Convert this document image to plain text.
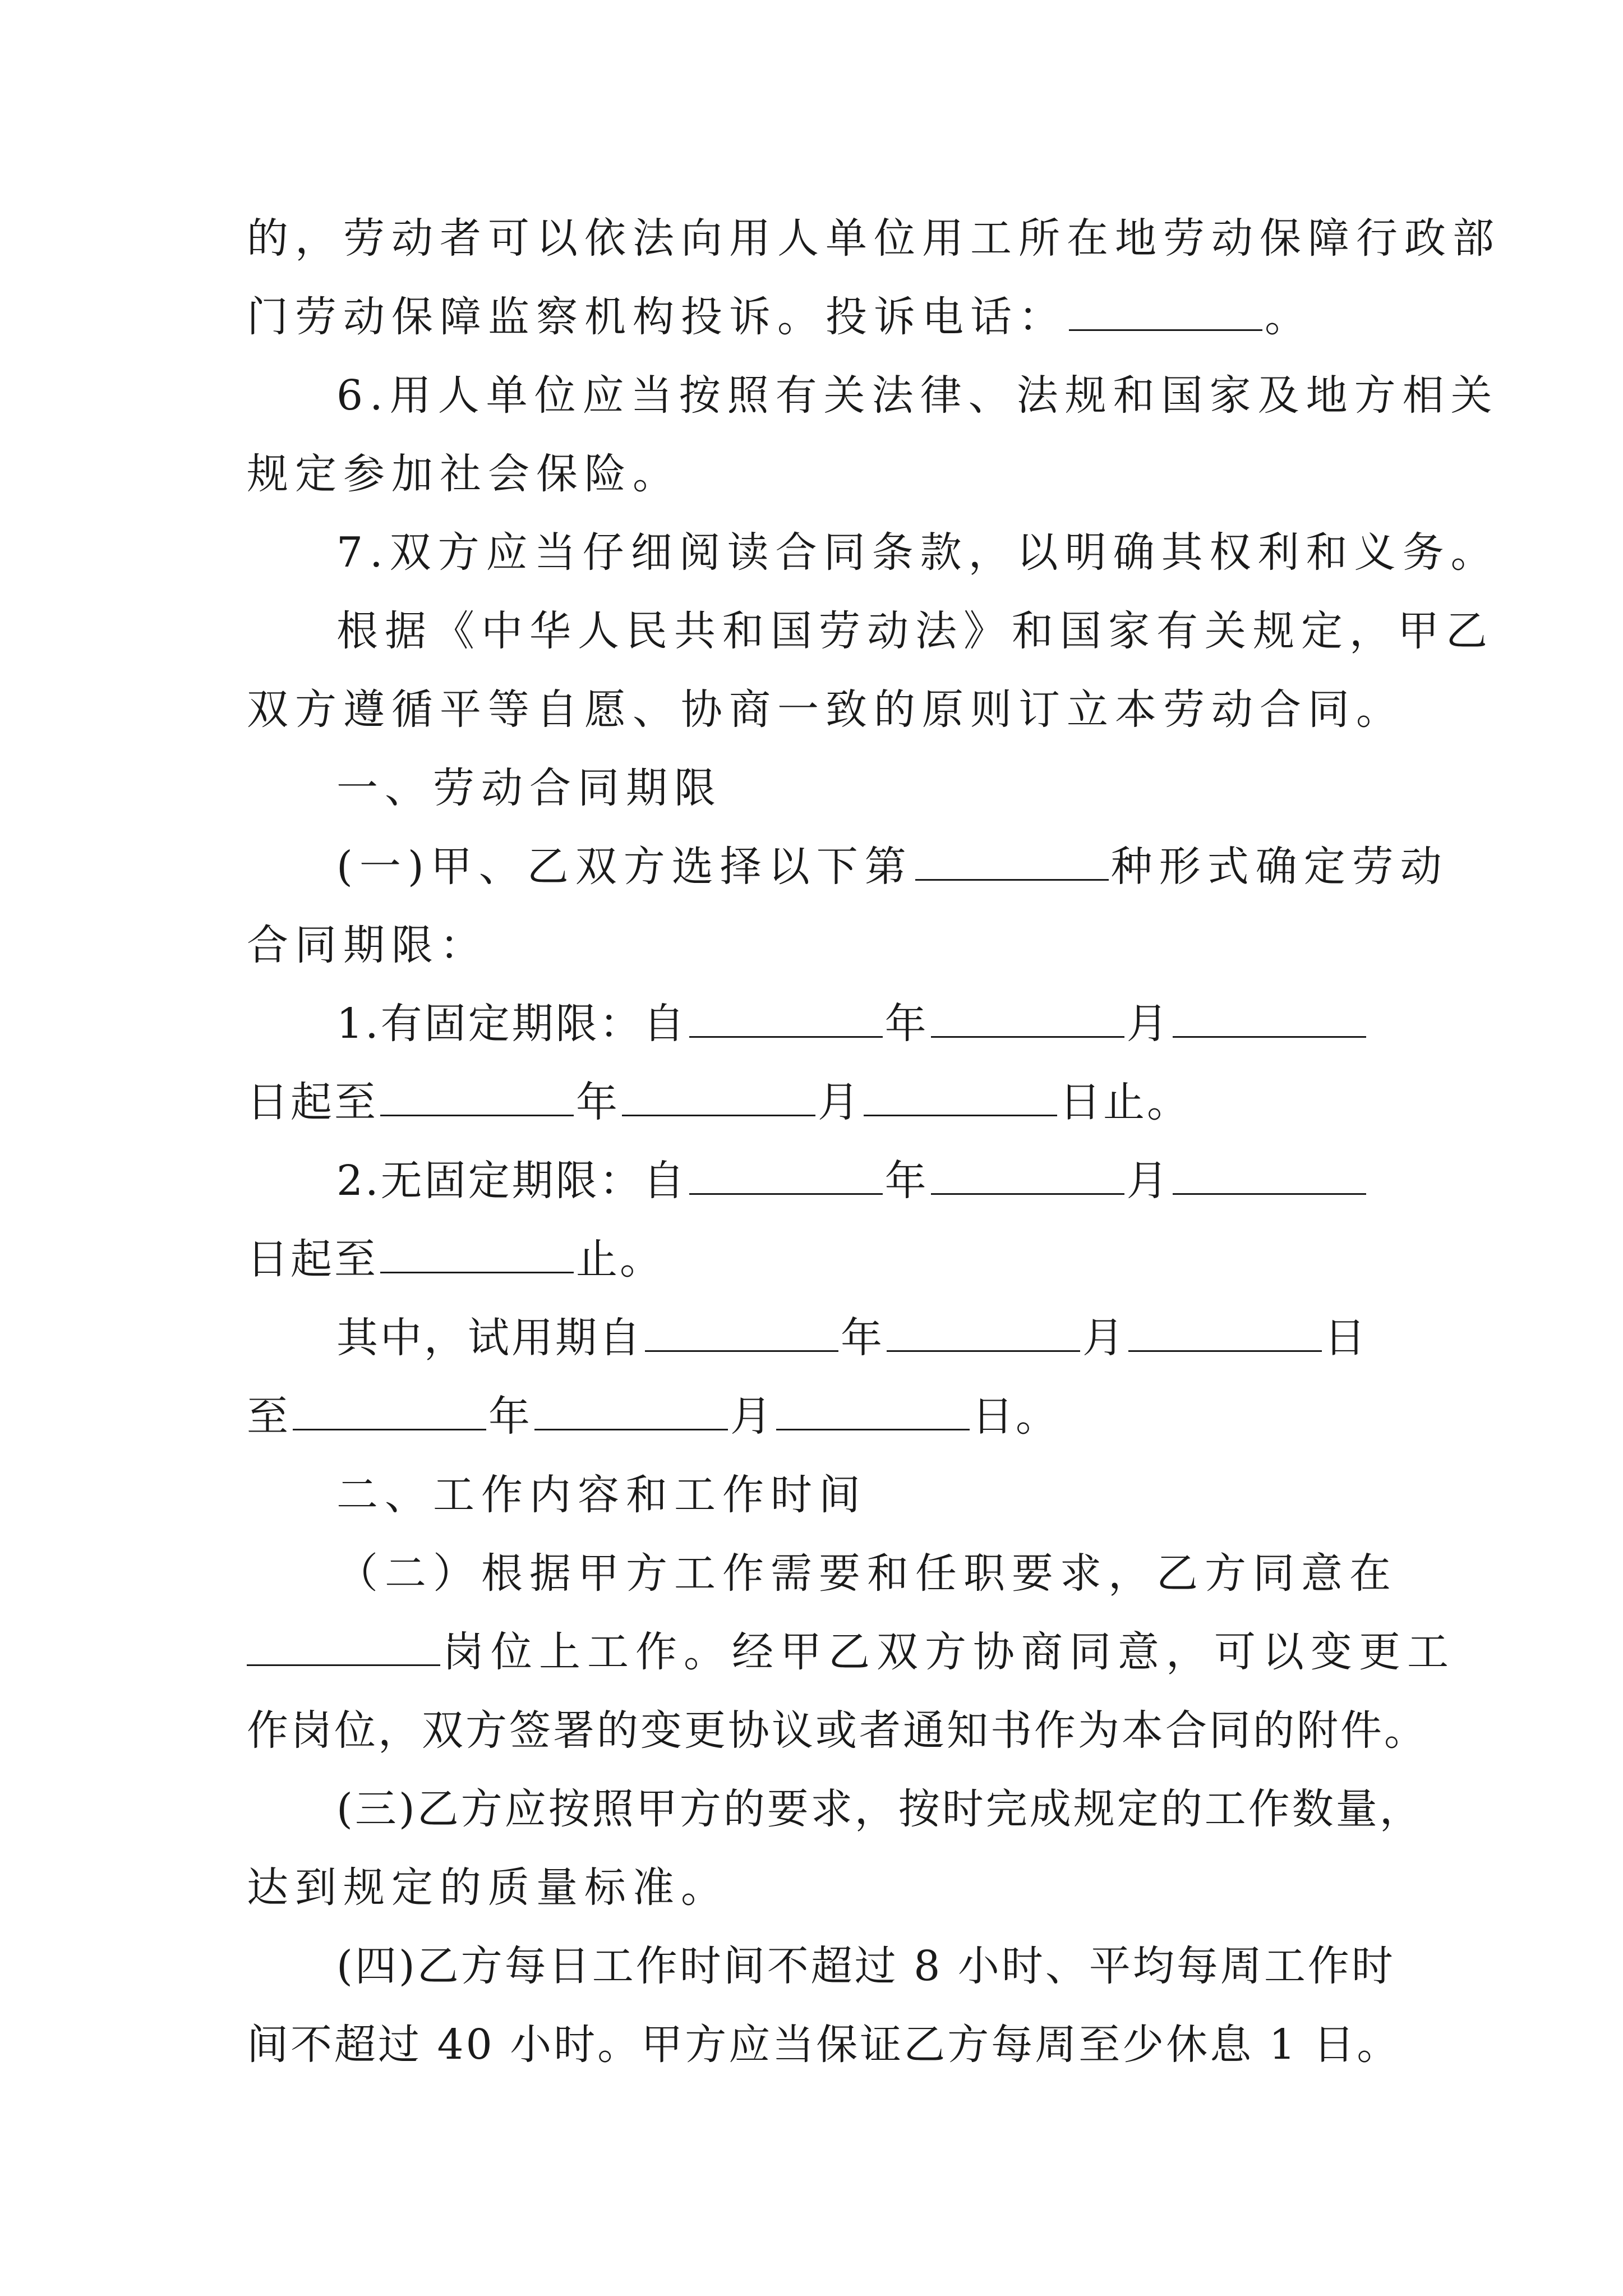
的，劳动者可以依法向用人单位用工所在地劳动保障行政部
门劳动保障监察机构投诉。投诉电话：	。
6.用人单位应当按照有关法律、法规和国家及地方相关
规定参加社会保险。
7.双方应当仔细阅读合同条款，以明确其权利和义务。
根据《中华人民共和国劳动法》和国家有关规定，甲乙
双方遵循平等自愿、协商一致的原则订立本劳动合同。
一、劳动合同期限
(一)甲、乙双方选择以下第	种形式确定劳动
合同期限：
1.有固定期限：自	年	月
日起至	年	月	日止。
2.无固定期限：自	年	月
日起至	止。
其中，试用期自	年	月	日
至	年	月	日。
二、工作内容和工作时间
（二）根据甲方工作需要和任职要求，乙方同意在
岗位上工作。经甲乙双方协商同意，可以变更工
作岗位，双方签署的变更协议或者通知书作为本合同的附件。
(三)乙方应按照甲方的要求，按时完成规定的工作数量，
达到规定的质量标准。
(四)乙方每日工作时间不超过 8 小时、平均每周工作时
间不超过 40 小时。甲方应当保证乙方每周至少休息 1 日。
